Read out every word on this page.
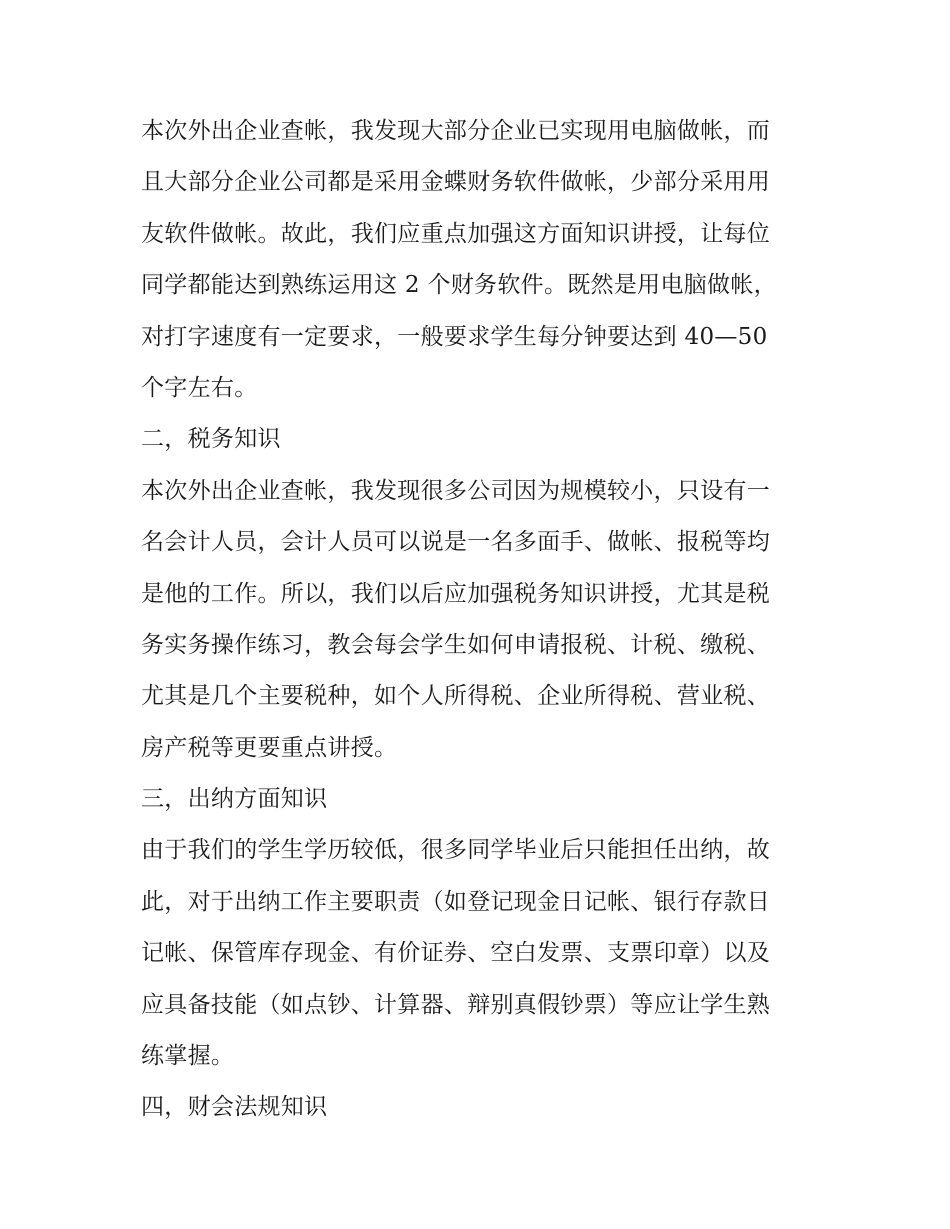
本次外出企业查帐，我发现大部分企业已实现用电脑做帐，而
且大部分企业公司都是采用金蝶财务软件做帐，少部分采用用
友软件做帐。故此，我们应重点加强这方面知识讲授，让每位
同学都能达到熟练运用这 2 个财务软件。既然是用电脑做帐，
对打字速度有一定要求，一般要求学生每分钟要达到 40—50
个字左右。
二，税务知识
本次外出企业查帐，我发现很多公司因为规模较小，只设有一
名会计人员，会计人员可以说是一名多面手、做帐、报税等均
是他的工作。所以，我们以后应加强税务知识讲授，尤其是税
务实务操作练习，教会每会学生如何申请报税、计税、缴税、
尤其是几个主要税种，如个人所得税、企业所得税、营业税、
房产税等更要重点讲授。
三，出纳方面知识
由于我们的学生学历较低，很多同学毕业后只能担任出纳，故
此，对于出纳工作主要职责（如登记现金日记帐、银行存款日
记帐、保管库存现金、有价证券、空白发票、支票印章）以及
应具备技能（如点钞、计算器、辩别真假钞票）等应让学生熟
练掌握。
四，财会法规知识
